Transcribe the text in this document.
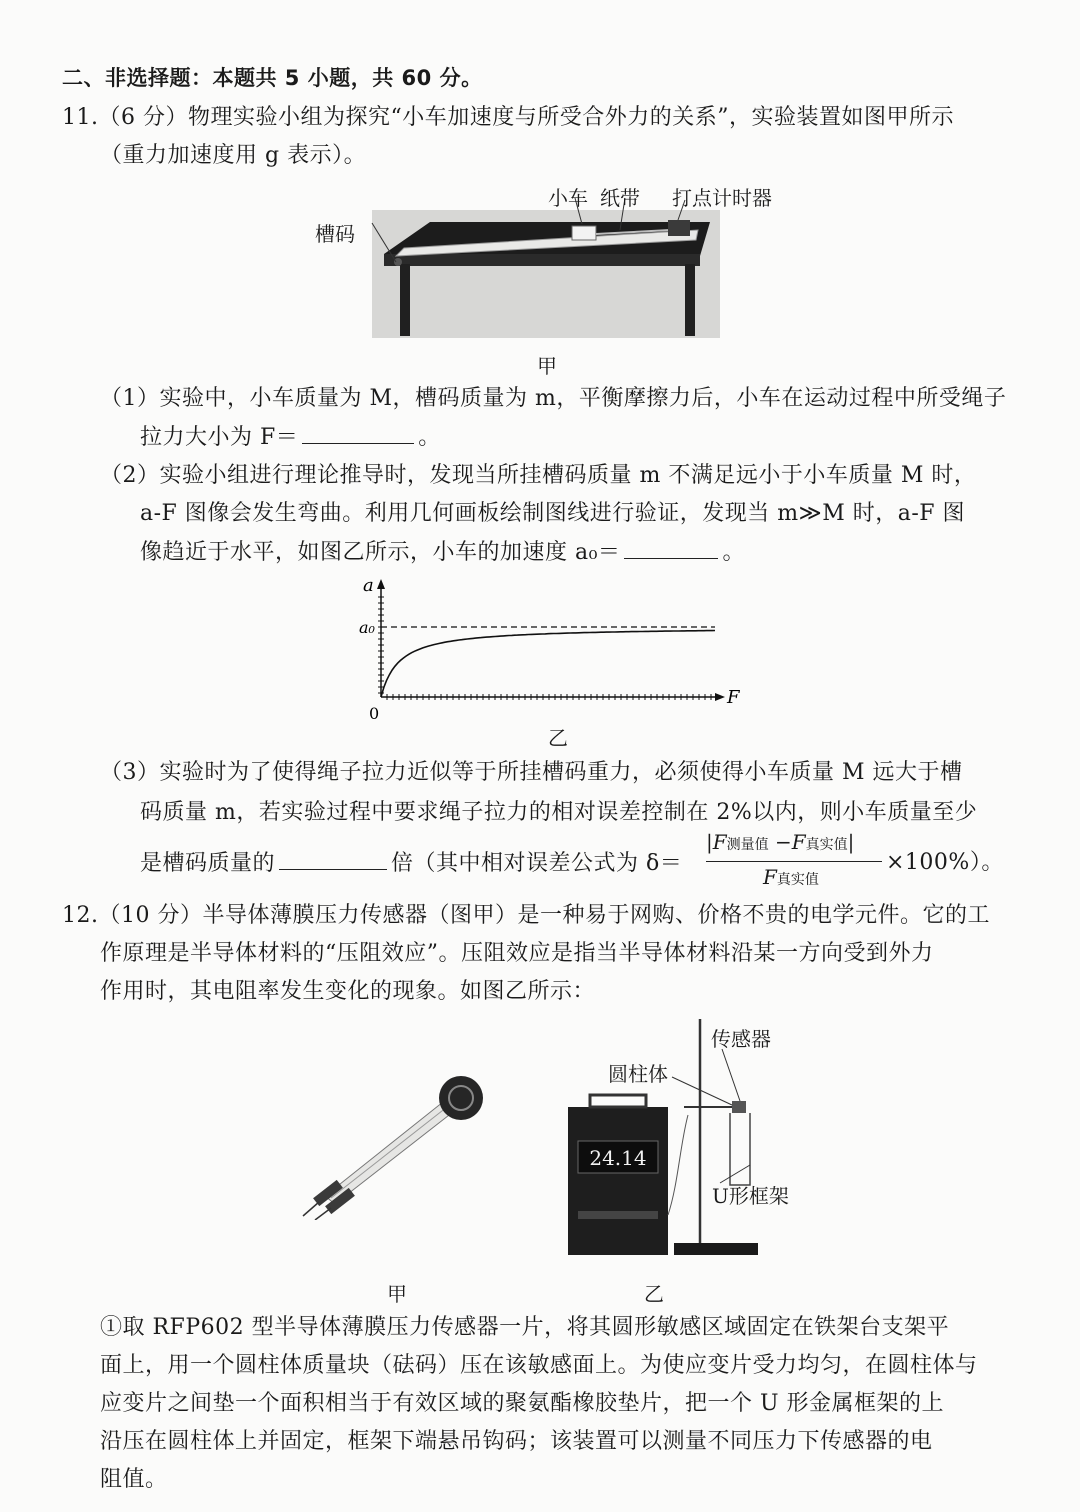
二、非选择题：本题共 5 小题，共 60 分。
11.（6 分）物理实验小组为探究“小车加速度与所受合外力的关系”，实验装置如图甲所示
（重力加速度用 g 表示）。
小车 纸带 打点计时器
槽码
甲
（1）实验中，小车质量为 M，槽码质量为 m，平衡摩擦力后，小车在运动过程中所受绳子
拉力大小为 F＝	。
（2）实验小组进行理论推导时，发现当所挂槽码质量 m 不满足远小于小车质量 M 时，
a-F 图像会发生弯曲。利用几何画板绘制图线进行验证，发现当 m≫M 时，a-F 图
像趋近于水平，如图乙所示，小车的加速度 a₀＝	。
a
a₀
0
F
乙
（3）实验时为了使得绳子拉力近似等于所挂槽码重力，必须使得小车质量 M 远大于槽
码质量 m，若实验过程中要求绳子拉力的相对误差控制在 2%以内，则小车质量至少
是槽码质量的	倍（其中相对误差公式为 δ＝
|F测量值 −F真实值|
F真实值
×100%）。
12.（10 分）半导体薄膜压力传感器（图甲）是一种易于网购、价格不贵的电学元件。它的工
作原理是半导体材料的“压阻效应”。压阻效应是指当半导体材料沿某一方向受到外力
作用时，其电阻率发生变化的现象。如图乙所示：
24.14
传感器
圆柱体
U形框架
甲	乙
①取 RFP602 型半导体薄膜压力传感器一片，将其圆形敏感区域固定在铁架台支架平
面上，用一个圆柱体质量块（砝码）压在该敏感面上。为使应变片受力均匀，在圆柱体与
应变片之间垫一个面积相当于有效区域的聚氨酯橡胶垫片，把一个 U 形金属框架的上
沿压在圆柱体上并固定，框架下端悬吊钩码；该装置可以测量不同压力下传感器的电
阻值。
